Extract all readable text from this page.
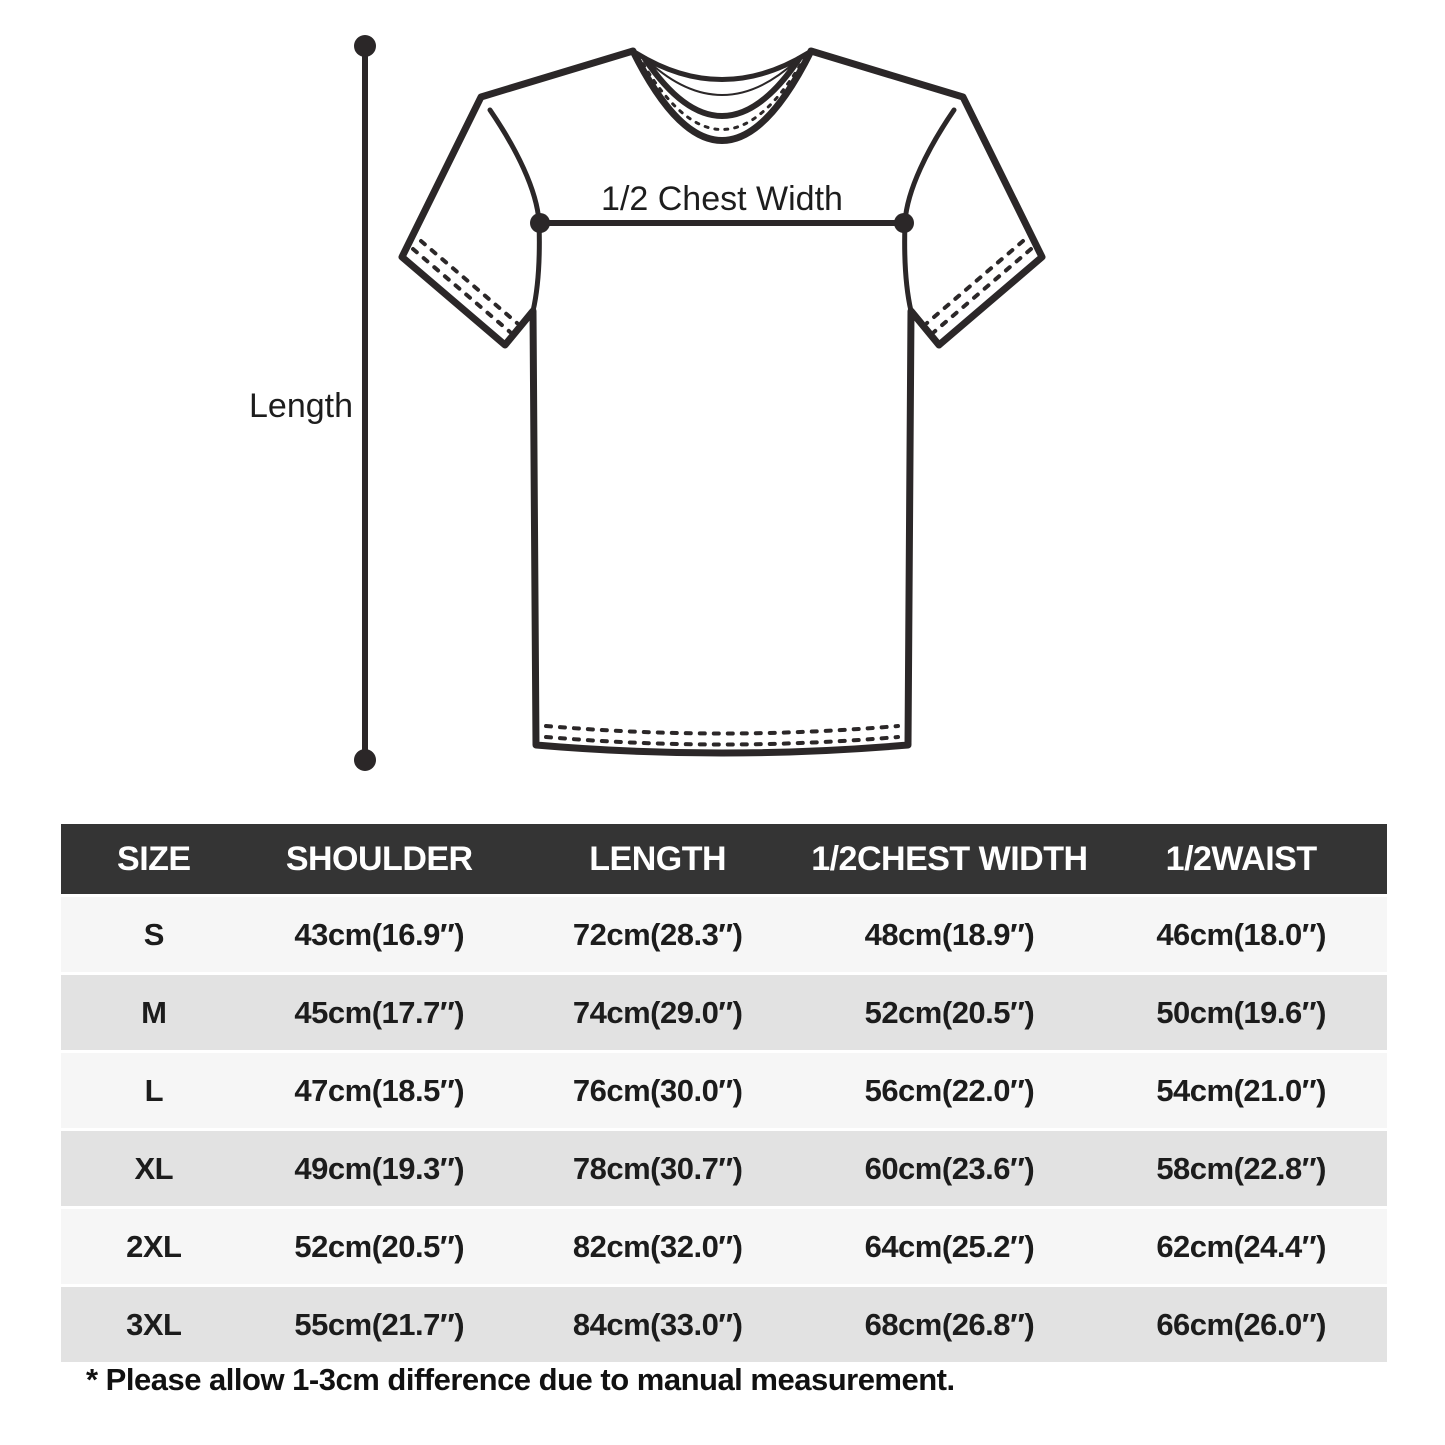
Length
1/2 Chest Width
SIZE	SHOULDER	LENGTH	1/2CHEST WIDTH	1/2WAIST
S	43cm(16.9″)	72cm(28.3″)	48cm(18.9″)	46cm(18.0″)
M	45cm(17.7″)	74cm(29.0″)	52cm(20.5″)	50cm(19.6″)
L	47cm(18.5″)	76cm(30.0″)	56cm(22.0″)	54cm(21.0″)
XL	49cm(19.3″)	78cm(30.7″)	60cm(23.6″)	58cm(22.8″)
2XL	52cm(20.5″)	82cm(32.0″)	64cm(25.2″)	62cm(24.4″)
3XL	55cm(21.7″)	84cm(33.0″)	68cm(26.8″)	66cm(26.0″)
* Please allow 1-3cm difference due to manual measurement.
